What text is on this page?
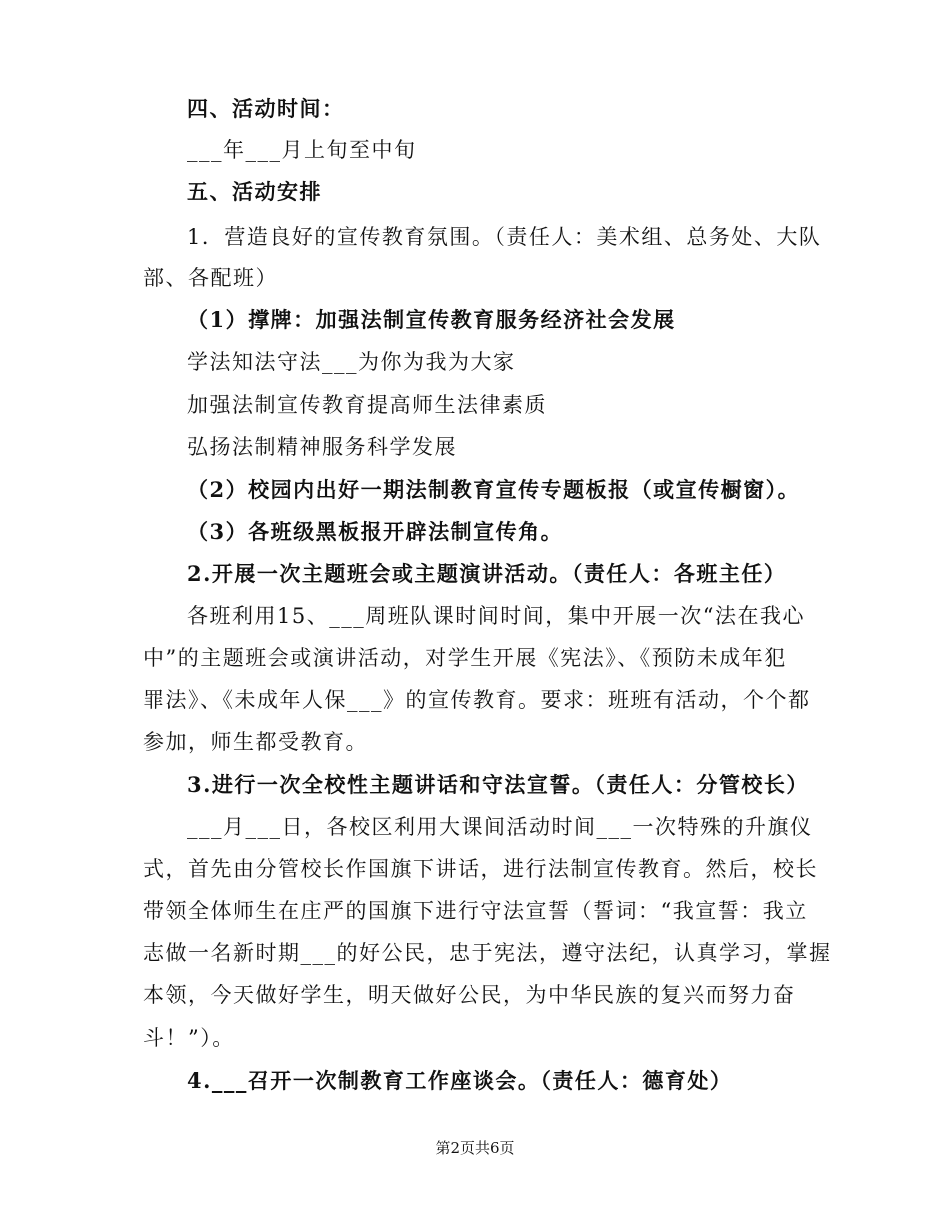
四、活动时间：
___年___月上旬至中旬
五、活动安排
1．营造良好的宣传教育氛围。（责任人：美术组、总务处、大队
部、各配班）
（1）撑牌：加强法制宣传教育服务经济社会发展
学法知法守法___为你为我为大家
加强法制宣传教育提高师生法律素质
弘扬法制精神服务科学发展
（2）校园内出好一期法制教育宣传专题板报（或宣传橱窗）。
（3）各班级黑板报开辟法制宣传角。
2.开展一次主题班会或主题演讲活动。（责任人：各班主任）
各班利用15、___周班队课时间时间，集中开展一次“法在我心
中”的主题班会或演讲活动，对学生开展《宪法》、《预防未成年犯
罪法》、《未成年人保___》的宣传教育。要求：班班有活动，个个都
参加，师生都受教育。
3.进行一次全校性主题讲话和守法宣誓。（责任人：分管校长）
___月___日，各校区利用大课间活动时间___一次特殊的升旗仪
式，首先由分管校长作国旗下讲话，进行法制宣传教育。然后，校长
带领全体师生在庄严的国旗下进行守法宣誓（誓词：“我宣誓：我立
志做一名新时期___的好公民，忠于宪法，遵守法纪，认真学习，掌握
本领，今天做好学生，明天做好公民，为中华民族的复兴而努力奋
斗！”）。
4.___召开一次制教育工作座谈会。（责任人：德育处）
第2页共6页
